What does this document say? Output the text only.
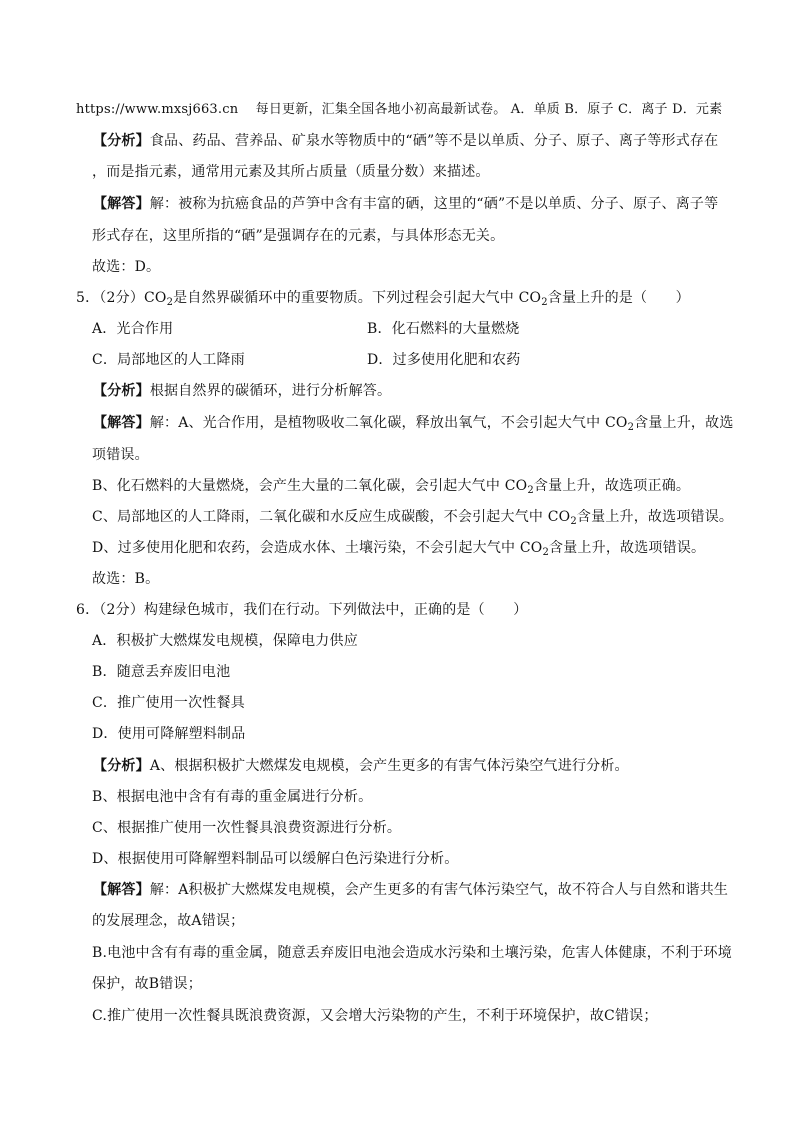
https://www.mxsj663.cn 每日更新，汇集全国各地小初高最新试卷。 A．单质 B．原子 C．离子 D．元素
【分析】食品、药品、营养品、矿泉水等物质中的“硒”等不是以单质、分子、原子、离子等形式存在
，而是指元素，通常用元素及其所占质量（质量分数）来描述。
【解答】解：被称为抗癌食品的芦笋中含有丰富的硒，这里的“硒”不是以单质、分子、原子、离子等
形式存在，这里所指的“硒”是强调存在的元素，与具体形态无关。
故选：D。
5．（2分）$CO_2$是自然界碳循环中的重要物质。下列过程会引起大气中 $CO_2$含量上升的是（　　）
A．光合作用	B．化石燃料的大量燃烧
C．局部地区的人工降雨	D．过多使用化肥和农药
【分析】根据自然界的碳循环，进行分析解答。
【解答】解：A、光合作用，是植物吸收二氧化碳，释放出氧气，不会引起大气中 $CO_2$含量上升，故选
项错误。
B、化石燃料的大量燃烧，会产生大量的二氧化碳，会引起大气中 $CO_2$含量上升，故选项正确。
C、局部地区的人工降雨，二氧化碳和水反应生成碳酸，不会引起大气中 $CO_2$含量上升，故选项错误。
D、过多使用化肥和农药，会造成水体、土壤污染，不会引起大气中 $CO_2$含量上升，故选项错误。
故选：B。
6．（2分）构建绿色城市，我们在行动。下列做法中，正确的是（　　）
A．积极扩大燃煤发电规模，保障电力供应
B．随意丢弃废旧电池
C．推广使用一次性餐具
D．使用可降解塑料制品
【分析】A、根据积极扩大燃煤发电规模，会产生更多的有害气体污染空气进行分析。
B、根据电池中含有有毒的重金属进行分析。
C、根据推广使用一次性餐具浪费资源进行分析。
D、根据使用可降解塑料制品可以缓解白色污染进行分析。
【解答】解：A积极扩大燃煤发电规模，会产生更多的有害气体污染空气，故不符合人与自然和谐共生
的发展理念，故A错误；
B.电池中含有有毒的重金属，随意丢弃废旧电池会造成水污染和土壤污染，危害人体健康，不利于环境
保护，故B错误；
C.推广使用一次性餐具既浪费资源，又会增大污染物的产生，不利于环境保护，故C错误；
